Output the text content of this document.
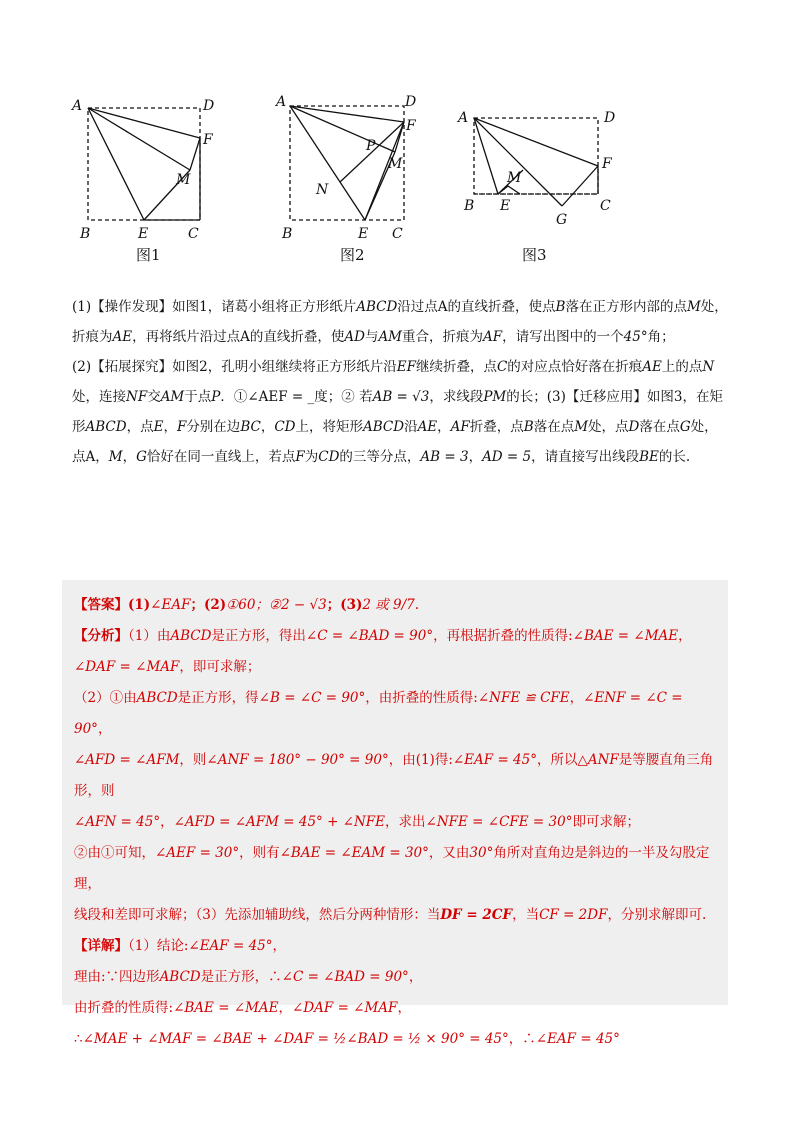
A	D
F
M
B	E	C
A	D
F
P
M
N
B	E C
A	D
F
M
B E
G
C
图1	图2	图3

(1)【操作发现】如图1，诸葛小组将正方形纸片ABCD沿过点A的直线折叠，使点B落在正方形内部的点M处，折痕为AE，再将纸片沿过点A的直线折叠，使AD与AM重合，折痕为AF，请写出图中的一个45°角；

(2)【拓展探究】如图2，孔明小组继续将正方形纸片沿EF继续折叠，点C的对应点恰好落在折痕AE上的点N处，连接NF交AM于点P．①∠AEF = _度；② 若AB = √3，求线段PM的长；(3)【迁移应用】如图3，在矩形ABCD，点E，F分别在边BC，CD上，将矩形ABCD沿AE，AF折叠，点B落在点M处，点D落在点G处，点A，M，G恰好在同一直线上，若点F为CD的三等分点，AB = 3，AD = 5，请直接写出线段BE的长.

【答案】(1)∠EAF；(2)①60；②2 − √3；(3)2 或 9/7.

【分析】（1）由ABCD是正方形，得出∠C = ∠BAD = 90°，再根据折叠的性质得:∠BAE = ∠MAE，

∠DAF = ∠MAF，即可求解；

（2）①由ABCD是正方形，得∠B = ∠C = 90°，由折叠的性质得:∠NFE ≌ CFE，∠ENF = ∠C = 90°，

∠AFD = ∠AFM，则∠ANF = 180° − 90° = 90°，由(1)得:∠EAF = 45°，所以△ANF是等腰直角三角形，则

∠AFN = 45°，∠AFD = ∠AFM = 45° + ∠NFE，求出∠NFE = ∠CFE = 30°即可求解；

②由①可知，∠AEF = 30°，则有∠BAE = ∠EAM = 30°，又由30°角所对直角边是斜边的一半及勾股定理，

线段和差即可求解；（3）先添加辅助线，然后分两种情形：当DF = 2CF，当CF = 2DF，分别求解即可.

【详解】（1）结论:∠EAF = 45°，

理由:∵四边形ABCD是正方形，∴∠C = ∠BAD = 90°，

由折叠的性质得:∠BAE = ∠MAE，∠DAF = ∠MAF，

∴∠MAE + ∠MAF = ∠BAE + ∠DAF = ½∠BAD = ½ × 90° = 45°，∴∠EAF = 45°
